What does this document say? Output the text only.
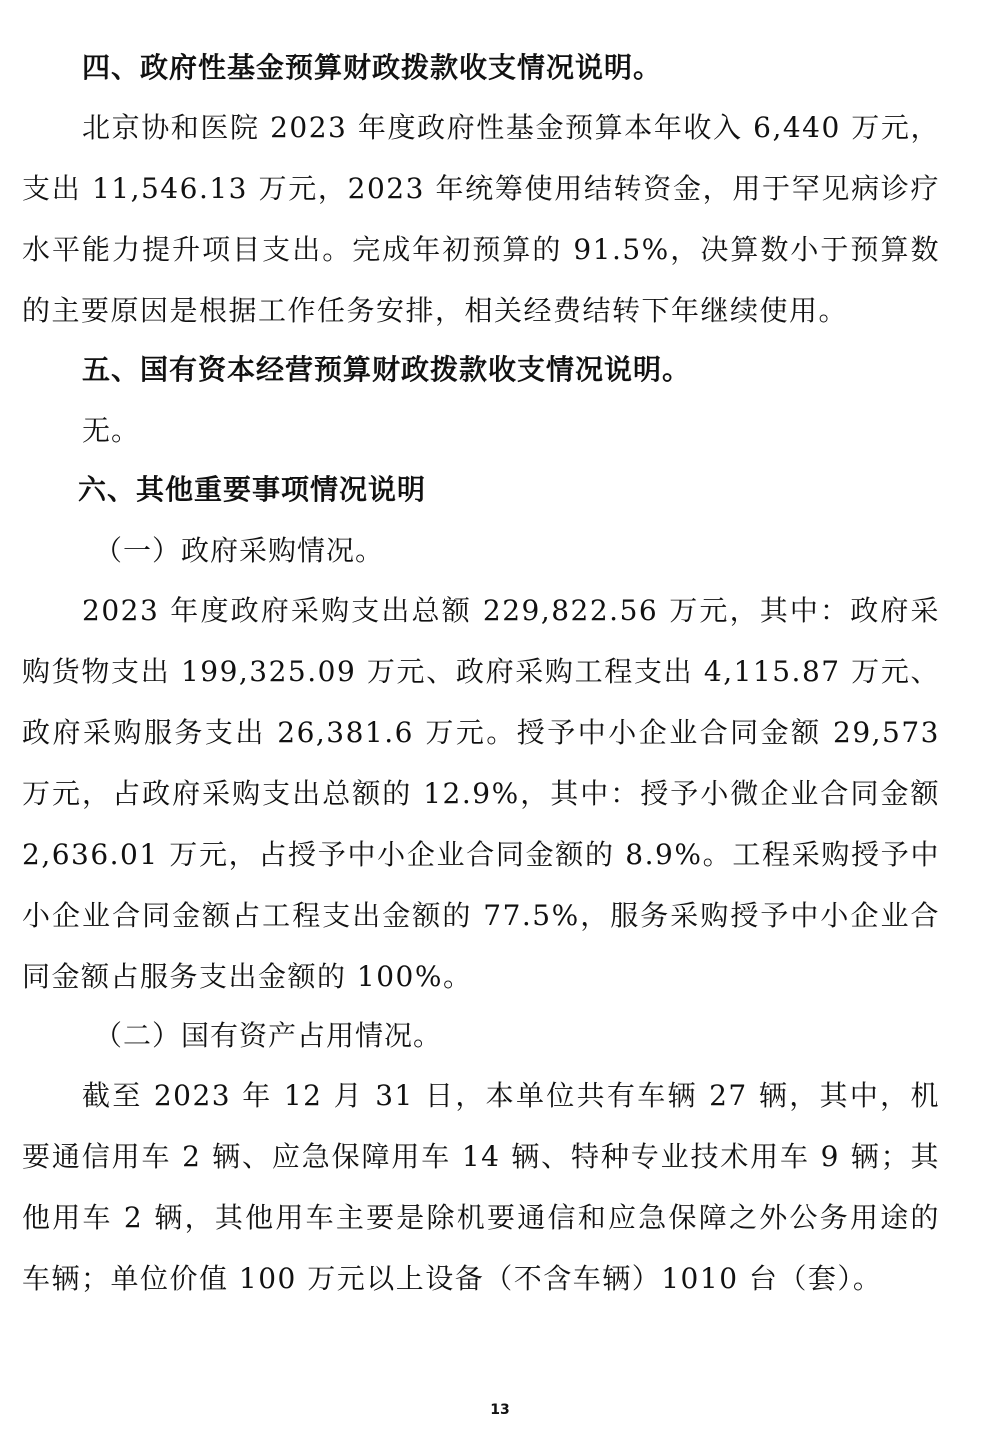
四、政府性基金预算财政拨款收支情况说明。

北京协和医院 2023 年度政府性基金预算本年收入 6,440 万元，支出 11,546.13 万元，2023 年统筹使用结转资金，用于罕见病诊疗水平能力提升项目支出。完成年初预算的 91.5%，决算数小于预算数的主要原因是根据工作任务安排，相关经费结转下年继续使用。

五、国有资本经营预算财政拨款收支情况说明。
无。
六、其他重要事项情况说明
（一）政府采购情况。

2023 年度政府采购支出总额 229,822.56 万元，其中：政府采购货物支出 199,325.09 万元、政府采购工程支出 4,115.87 万元、政府采购服务支出 26,381.6 万元。授予中小企业合同金额 29,573 万元，占政府采购支出总额的 12.9%，其中：授予小微企业合同金额 2,636.01 万元，占授予中小企业合同金额的 8.9%。工程采购授予中小企业合同金额占工程支出金额的 77.5%，服务采购授予中小企业合同金额占服务支出金额的 100%。

（二）国有资产占用情况。

截至 2023 年 12 月 31 日，本单位共有车辆 27 辆，其中，机要通信用车 2 辆、应急保障用车 14 辆、特种专业技术用车 9 辆；其他用车 2 辆，其他用车主要是除机要通信和应急保障之外公务用途的车辆；单位价值 100 万元以上设备（不含车辆）1010 台（套）。

13
